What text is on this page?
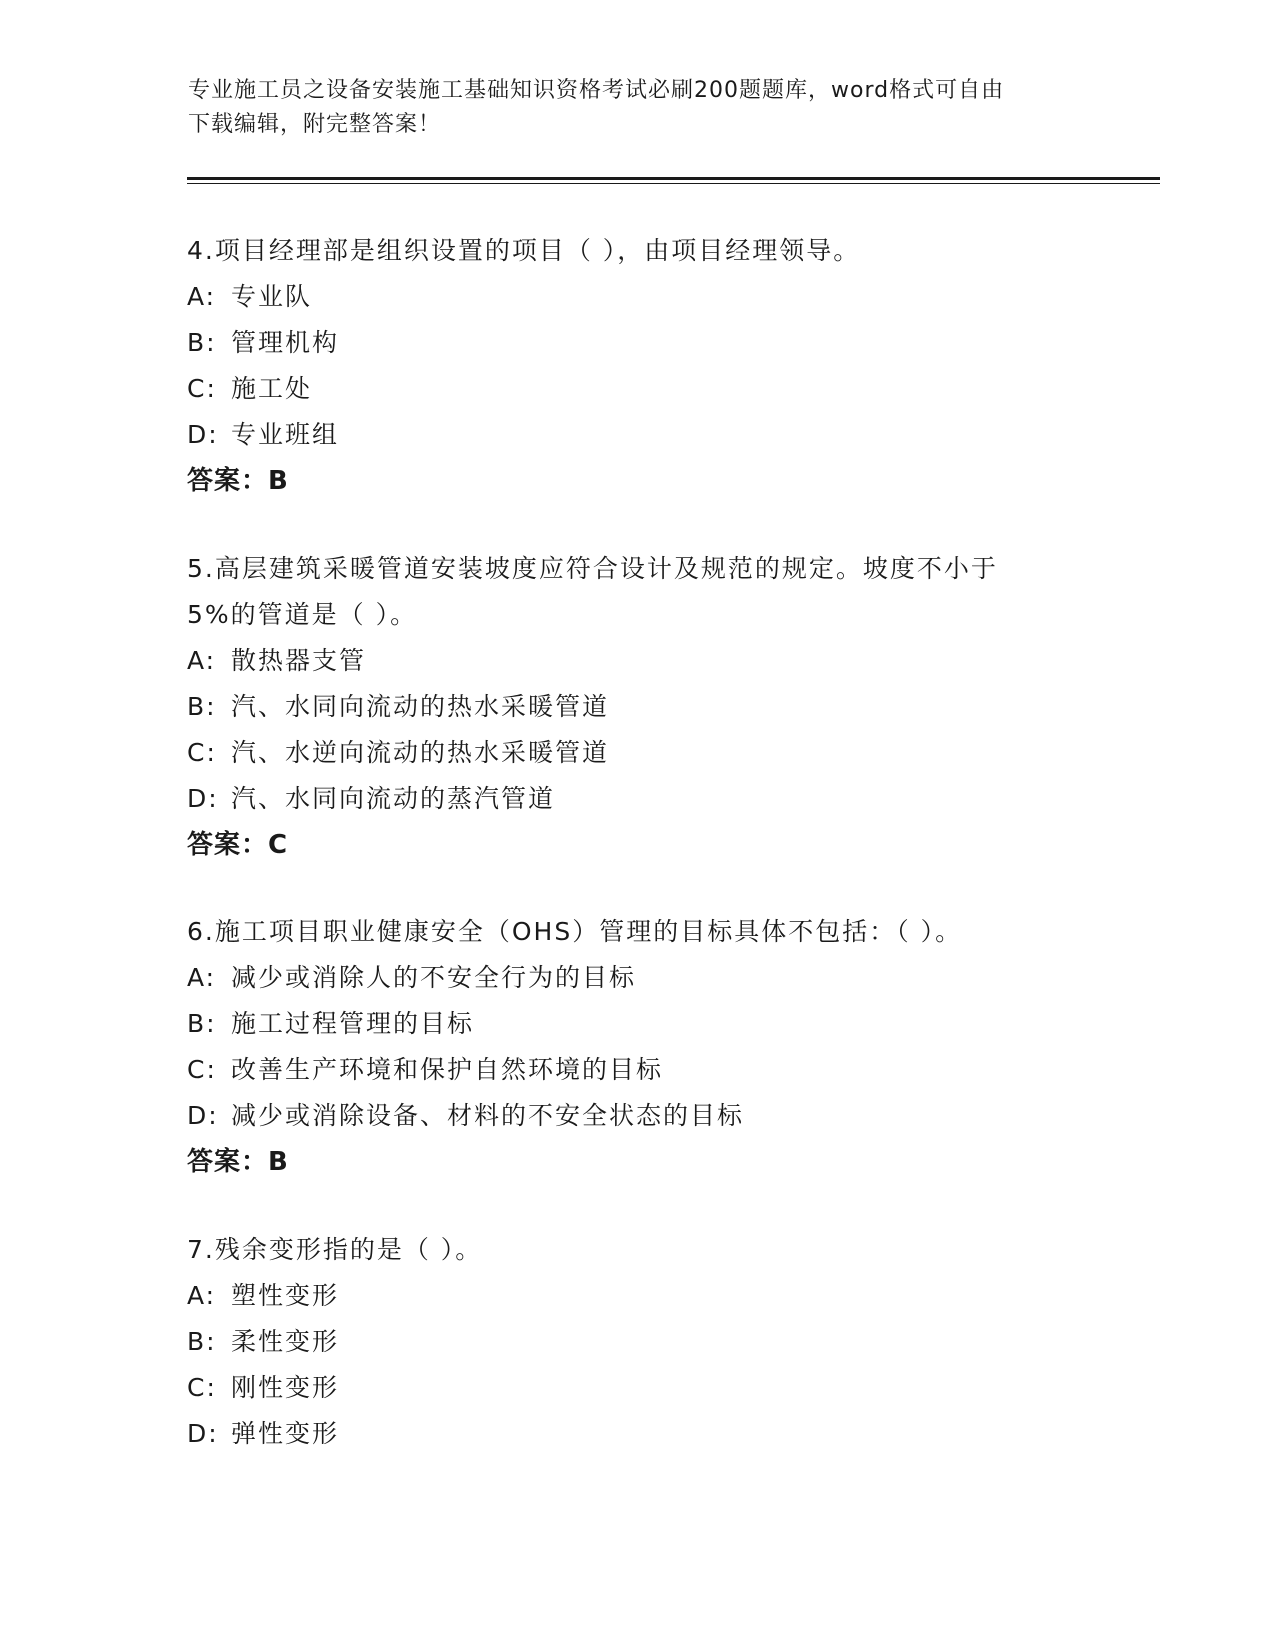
专业施工员之设备安装施工基础知识资格考试必刷200题题库，word格式可自由
下载编辑，附完整答案！
4.项目经理部是组织设置的项目（ ），由项目经理领导。
A: 专业队
B: 管理机构
C: 施工处
D: 专业班组
答案：B
5.高层建筑采暖管道安装坡度应符合设计及规范的规定。坡度不小于
5%的管道是（ ）。
A: 散热器支管
B: 汽、水同向流动的热水采暖管道
C: 汽、水逆向流动的热水采暖管道
D: 汽、水同向流动的蒸汽管道
答案：C
6.施工项目职业健康安全（OHS）管理的目标具体不包括：（ ）。
A: 减少或消除人的不安全行为的目标
B: 施工过程管理的目标
C: 改善生产环境和保护自然环境的目标
D: 减少或消除设备、材料的不安全状态的目标
答案：B
7.残余变形指的是（ ）。
A: 塑性变形
B: 柔性变形
C: 刚性变形
D: 弹性变形
